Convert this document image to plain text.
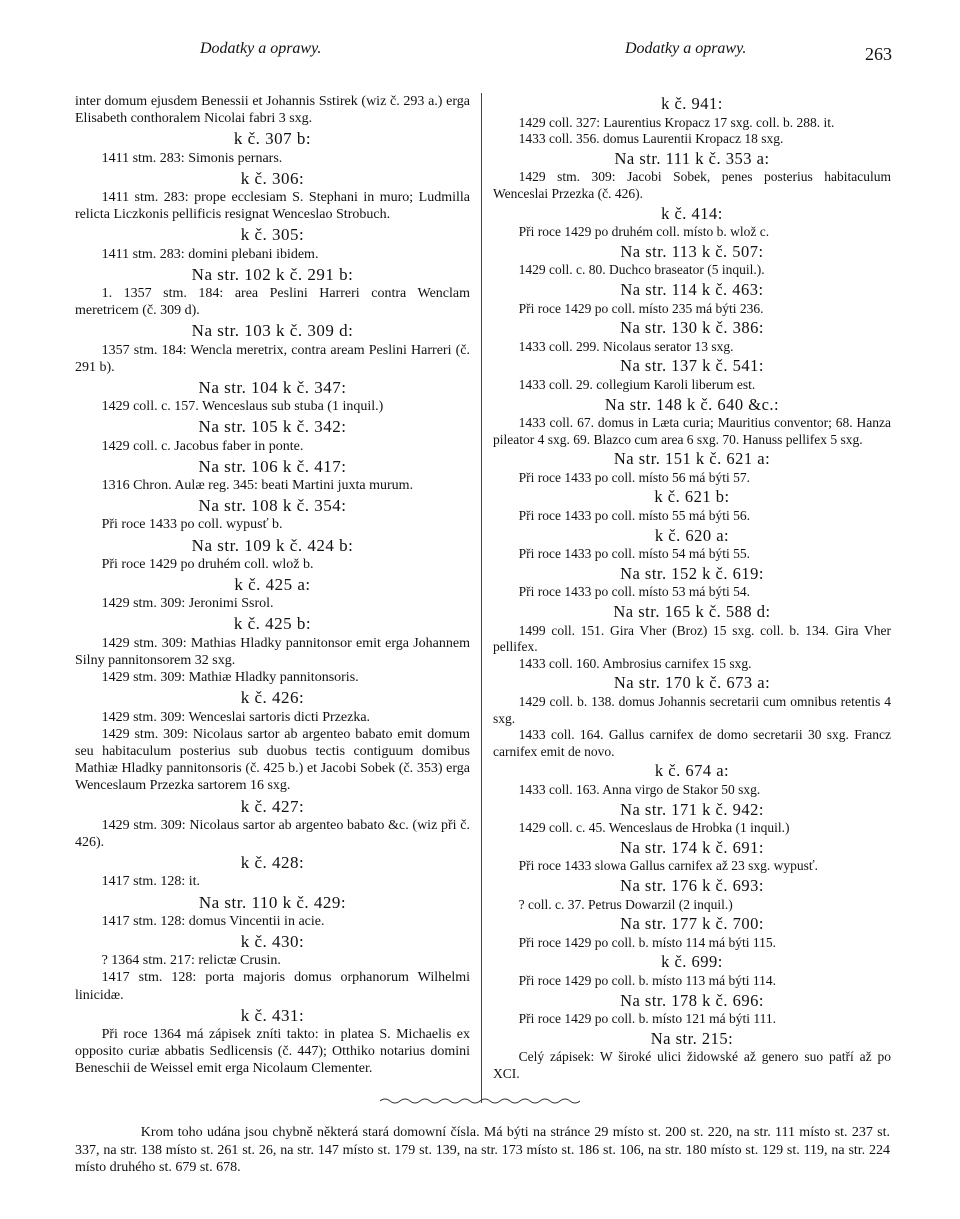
Dodatky a oprawy.	Dodatky a oprawy.	263

inter domum ejusdem Benessii et Johannis Sstirek (wiz č. 293 a.) erga Elisabeth conthoralem Nicolai fabri 3 sxg.

k č. 307 b:

1411 stm. 283: Simonis pernars.

k č. 306:

1411 stm. 283: prope ecclesiam S. Stephani in muro; Ludmilla relicta Liczkonis pellificis resignat Wenceslao Strobuch.

k č. 305:

1411 stm. 283: domini plebani ibidem.

Na str. 102 k č. 291 b:

1. 1357 stm. 184: area Peslini Harreri contra Wenclam meretricem (č. 309 d).

Na str. 103 k č. 309 d:

1357 stm. 184: Wencla meretrix, contra aream Peslini Harreri (č. 291 b).

Na str. 104 k č. 347:

1429 coll. c. 157. Wenceslaus sub stuba (1 inquil.)

Na str. 105 k č. 342:

1429 coll. c. Jacobus faber in ponte.

Na str. 106 k č. 417:

1316 Chron. Aulæ reg. 345: beati Martini juxta murum.

Na str. 108 k č. 354:

Při roce 1433 po coll. wypusť b.

Na str. 109 k č. 424 b:

Při roce 1429 po druhém coll. wlož b.

k č. 425 a:

1429 stm. 309: Jeronimi Ssrol.

k č. 425 b:

1429 stm. 309: Mathias Hladky pannitonsor emit erga Johannem Silny pannitonsorem 32 sxg.

1429 stm. 309: Mathiæ Hladky pannitonsoris.

k č. 426:

1429 stm. 309: Wenceslai sartoris dicti Przezka.

1429 stm. 309: Nicolaus sartor ab argenteo babato emit domum seu habitaculum posterius sub duobus tectis contiguum domibus Mathiæ Hladky pannitonsoris (č. 425 b.) et Jacobi Sobek (č. 353) erga Wenceslaum Przezka sartorem 16 sxg.

k č. 427:

1429 stm. 309: Nicolaus sartor ab argenteo babato &c. (wiz při č. 426).

k č. 428:

1417 stm. 128: it.

Na str. 110 k č. 429:

1417 stm. 128: domus Vincentii in acie.

k č. 430:

? 1364 stm. 217: relictæ Crusin.

1417 stm. 128: porta majoris domus orphanorum Wilhelmi linicidæ.

k č. 431:

Při roce 1364 má zápisek zníti takto: in platea S. Michaelis ex opposito curiæ abbatis Sedlicensis (č. 447); Otthiko notarius domini Beneschii de Weissel emit erga Nicolaum Clementer.

k č. 941:

1429 coll. 327: Laurentius Kropacz 17 sxg. coll. b. 288. it.

1433 coll. 356. domus Laurentii Kropacz 18 sxg.

Na str. 111 k č. 353 a:

1429 stm. 309: Jacobi Sobek, penes posterius habitaculum Wenceslai Przezka (č. 426).

k č. 414:

Při roce 1429 po druhém coll. místo b. wlož c.

Na str. 113 k č. 507:

1429 coll. c. 80. Duchco braseator (5 inquil.).

Na str. 114 k č. 463:

Při roce 1429 po coll. místo 235 má býti 236.

Na str. 130 k č. 386:

1433 coll. 299. Nicolaus serator 13 sxg.

Na str. 137 k č. 541:

1433 coll. 29. collegium Karoli liberum est.

Na str. 148 k č. 640 &c.:

1433 coll. 67. domus in Læta curia; Mauritius conventor; 68. Hanza pileator 4 sxg. 69. Blazco cum area 6 sxg. 70. Hanuss pellifex 5 sxg.

Na str. 151 k č. 621 a:

Při roce 1433 po coll. místo 56 má býti 57.

k č. 621 b:

Při roce 1433 po coll. místo 55 má býti 56.

k č. 620 a:

Při roce 1433 po coll. místo 54 má býti 55.

Na str. 152 k č. 619:

Při roce 1433 po coll. místo 53 má býti 54.

Na str. 165 k č. 588 d:

1499 coll. 151. Gira Vher (Broz) 15 sxg. coll. b. 134. Gira Vher pellifex.

1433 coll. 160. Ambrosius carnifex 15 sxg.

Na str. 170 k č. 673 a:

1429 coll. b. 138. domus Johannis secretarii cum omnibus retentis 4 sxg.

1433 coll. 164. Gallus carnifex de domo secretarii 30 sxg. Francz carnifex emit de novo.

k č. 674 a:

1433 coll. 163. Anna virgo de Stakor 50 sxg.

Na str. 171 k č. 942:

1429 coll. c. 45. Wenceslaus de Hrobka (1 inquil.)

Na str. 174 k č. 691:

Při roce 1433 slowa Gallus carnifex až 23 sxg. wypusť.

Na str. 176 k č. 693:

? coll. c. 37. Petrus Dowarzil (2 inquil.)

Na str. 177 k č. 700:

Při roce 1429 po coll. b. místo 114 má býti 115.

k č. 699:

Při roce 1429 po coll. b. místo 113 má býti 114.

Na str. 178 k č. 696:

Při roce 1429 po coll. b. místo 121 má býti 111.

Na str. 215:

Celý zápisek: W široké ulici židowské až genero suo patří až po XCI.

Krom toho udána jsou chybně některá stará domowní čísla. Má býti na stránce 29 místo st. 200 st. 220, na str. 111 místo st. 237 st. 337, na str. 138 místo st. 261 st. 26, na str. 147 místo st. 179 st. 139, na str. 173 místo st. 186 st. 106, na str. 180 místo st. 129 st. 119, na str. 224 místo druhého st. 679 st. 678.
